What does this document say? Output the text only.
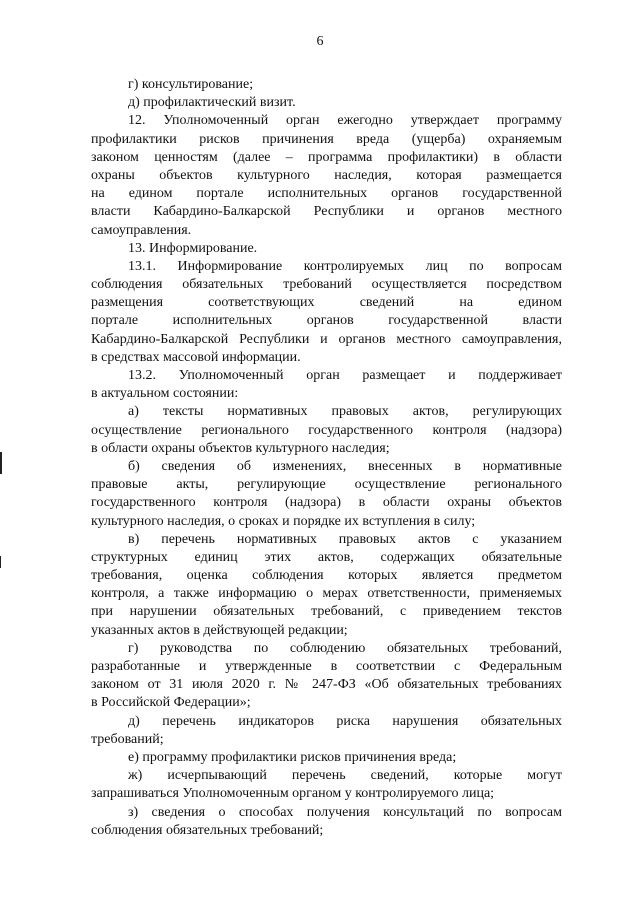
6
г) консультирование;
д) профилактический визит.
12. Уполномоченный орган ежегодно утверждает программу
профилактики рисков причинения вреда (ущерба) охраняемым
законом ценностям (далее – программа профилактики) в области
охраны объектов культурного наследия, которая размещается
на едином портале исполнительных органов государственной
власти Кабардино-Балкарской Республики и органов местного
самоуправления.
13. Информирование.
13.1. Информирование контролируемых лиц по вопросам
соблюдения обязательных требований осуществляется посредством
размещения соответствующих сведений на едином
портале исполнительных органов государственной власти
Кабардино-Балкарской Республики и органов местного самоуправления,
в средствах массовой информации.
13.2. Уполномоченный орган размещает и поддерживает
в актуальном состоянии:
а) тексты нормативных правовых актов, регулирующих
осуществление регионального государственного контроля (надзора)
в области охраны объектов культурного наследия;
б) сведения об изменениях, внесенных в нормативные
правовые акты, регулирующие осуществление регионального
государственного контроля (надзора) в области охраны объектов
культурного наследия, о сроках и порядке их вступления в силу;
в) перечень нормативных правовых актов с указанием
структурных единиц этих актов, содержащих обязательные
требования, оценка соблюдения которых является предметом
контроля, а также информацию о мерах ответственности, применяемых
при нарушении обязательных требований, с приведением текстов
указанных актов в действующей редакции;
г) руководства по соблюдению обязательных требований,
разработанные и утвержденные в соответствии с Федеральным
законом от 31 июля 2020 г. № 247-ФЗ «Об обязательных требованиях
в Российской Федерации»;
д) перечень индикаторов риска нарушения обязательных
требований;
е) программу профилактики рисков причинения вреда;
ж) исчерпывающий перечень сведений, которые могут
запрашиваться Уполномоченным органом у контролируемого лица;
з) сведения о способах получения консультаций по вопросам
соблюдения обязательных требований;
